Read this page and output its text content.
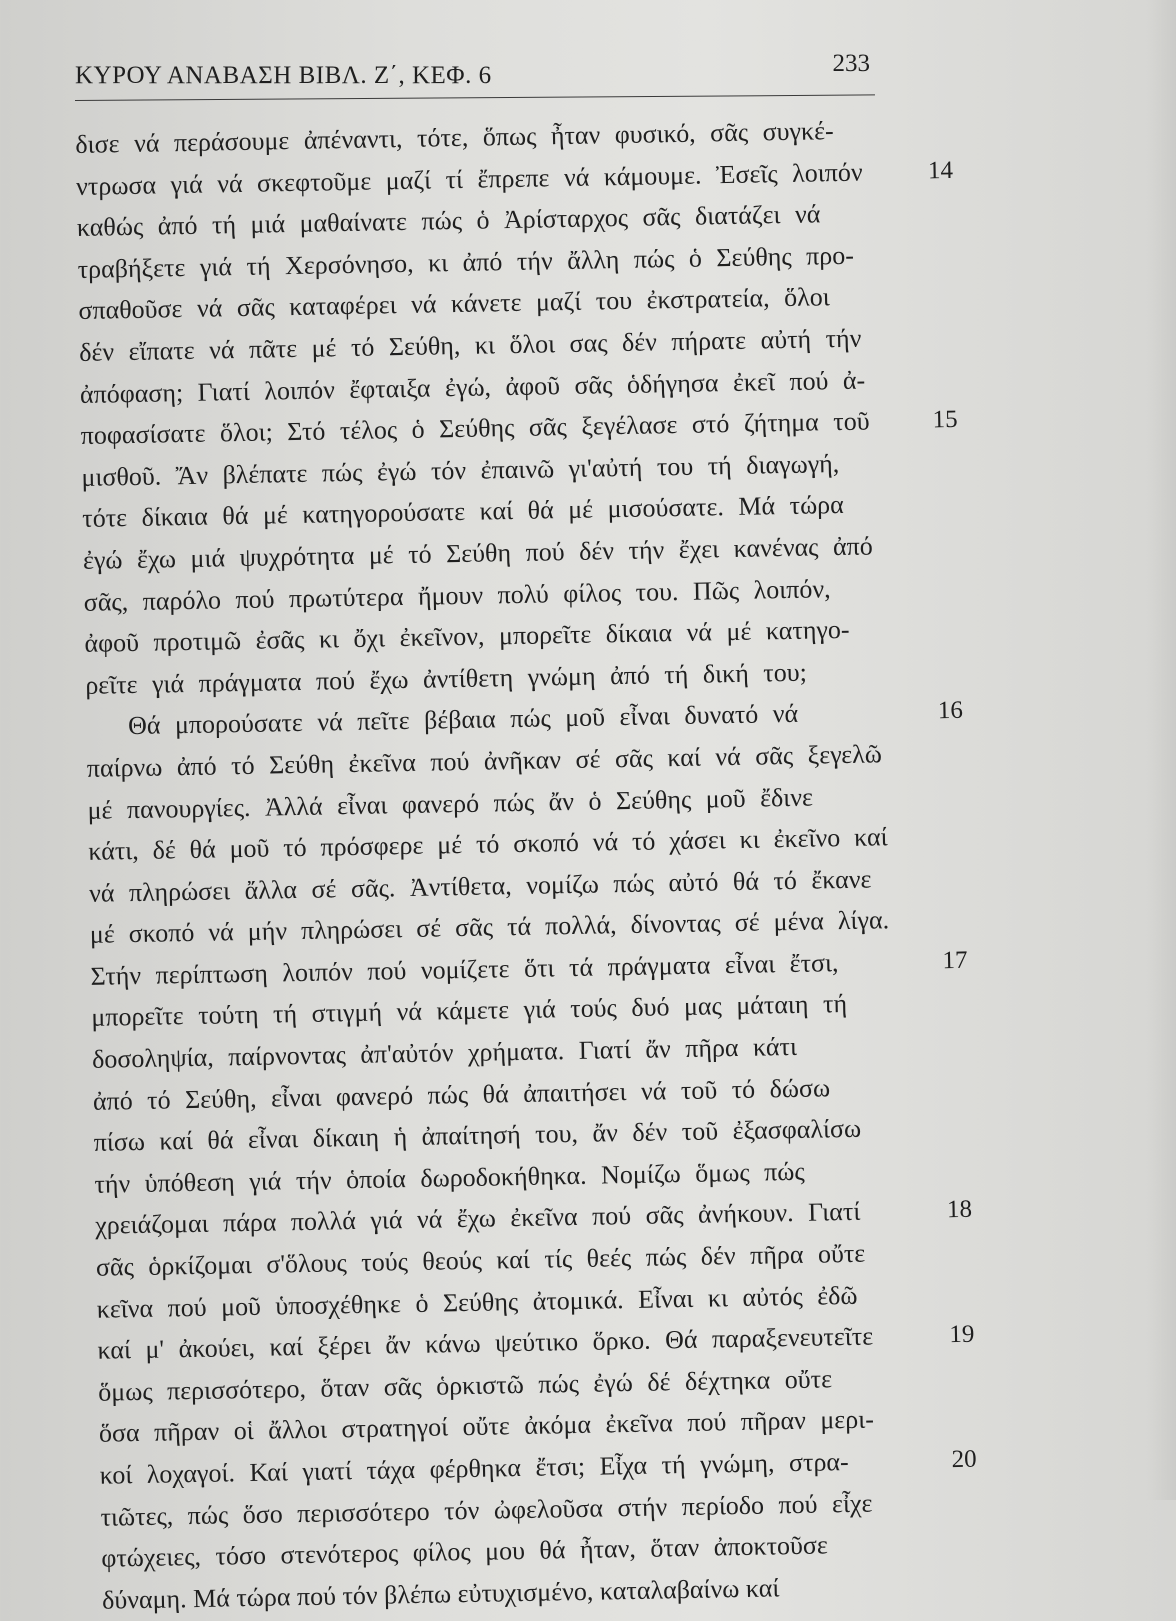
ΚΥΡΟΥ ΑΝΑΒΑΣΗ ΒΙΒΛ. Ζ΄, ΚΕΦ. 6	233
δισε νά περάσουμε ἀπέναντι, τότε, ὅπως ἦταν φυσικό, σᾶς συγκέ-
ντρωσα γιά νά σκεφτοῦμε μαζί τί ἔπρεπε νά κάμουμε. Ἐσεῖς λοιπόν	14
καθώς ἀπό τή μιά μαθαίνατε πώς ὁ Ἀρίσταρχος σᾶς διατάζει νά
τραβήξετε γιά τή Χερσόνησο, κι ἀπό τήν ἄλλη πώς ὁ Σεύθης προ-
σπαθοῦσε νά σᾶς καταφέρει νά κάνετε μαζί του ἐκστρατεία, ὅλοι
δέν εἴπατε νά πᾶτε μέ τό Σεύθη, κι ὅλοι σας δέν πήρατε αὐτή τήν
ἀπόφαση; Γιατί λοιπόν ἔφταιξα ἐγώ, ἀφοῦ σᾶς ὁδήγησα ἐκεῖ πού ἀ-
ποφασίσατε ὅλοι; Στό τέλος ὁ Σεύθης σᾶς ξεγέλασε στό ζήτημα τοῦ 15
μισθοῦ. Ἄν βλέπατε πώς ἐγώ τόν ἐπαινῶ γι'αὐτή του τή διαγωγή,
τότε δίκαια θά μέ κατηγορούσατε καί θά μέ μισούσατε. Μά τώρα
ἐγώ ἔχω μιά ψυχρότητα μέ τό Σεύθη πού δέν τήν ἔχει κανένας ἀπό
σᾶς, παρόλο πού πρωτύτερα ἤμουν πολύ φίλος του. Πῶς λοιπόν,
ἀφοῦ προτιμῶ ἐσᾶς κι ὄχι ἐκεῖνον, μπορεῖτε δίκαια νά μέ κατηγο-
ρεῖτε γιά πράγματα πού ἔχω ἀντίθετη γνώμη ἀπό τή δική του;
Θά μπορούσατε νά πεῖτε βέβαια πώς μοῦ εἶναι δυνατό νά	16
παίρνω ἀπό τό Σεύθη ἐκεῖνα πού ἀνῆκαν σέ σᾶς καί νά σᾶς ξεγελῶ
μέ πανουργίες. Ἀλλά εἶναι φανερό πώς ἄν ὁ Σεύθης μοῦ ἔδινε
κάτι, δέ θά μοῦ τό πρόσφερε μέ τό σκοπό νά τό χάσει κι ἐκεῖνο καί
νά πληρώσει ἄλλα σέ σᾶς. Ἀντίθετα, νομίζω πώς αὐτό θά τό ἔκανε
μέ σκοπό νά μήν πληρώσει σέ σᾶς τά πολλά, δίνοντας σέ μένα λίγα.
Στήν περίπτωση λοιπόν πού νομίζετε ὅτι τά πράγματα εἶναι ἔτσι,	17
μπορεῖτε τούτη τή στιγμή νά κάμετε γιά τούς δυό μας μάταιη τή
δοσοληψία, παίρνοντας ἀπ'αὐτόν χρήματα. Γιατί ἄν πῆρα κάτι
ἀπό τό Σεύθη, εἶναι φανερό πώς θά ἀπαιτήσει νά τοῦ τό δώσω
πίσω καί θά εἶναι δίκαιη ἡ ἀπαίτησή του, ἄν δέν τοῦ ἐξασφαλίσω
τήν ὑπόθεση γιά τήν ὁποία δωροδοκήθηκα. Νομίζω ὅμως πώς
χρειάζομαι πάρα πολλά γιά νά ἔχω ἐκεῖνα πού σᾶς ἀνήκουν. Γιατί	18
σᾶς ὁρκίζομαι σ'ὅλους τούς θεούς καί τίς θεές πώς δέν πῆρα οὔτε
κεῖνα πού μοῦ ὑποσχέθηκε ὁ Σεύθης ἀτομικά. Εἶναι κι αὐτός ἐδῶ
καί μ' ἀκούει, καί ξέρει ἄν κάνω ψεύτικο ὅρκο. Θά παραξενευτεῖτε	19
ὅμως περισσότερο, ὅταν σᾶς ὁρκιστῶ πώς ἐγώ δέ δέχτηκα οὔτε
ὅσα πῆραν οἱ ἄλλοι στρατηγοί οὔτε ἀκόμα ἐκεῖνα πού πῆραν μερι-
κοί λοχαγοί. Καί γιατί τάχα φέρθηκα ἔτσι; Εἶχα τή γνώμη, στρα-	20
τιῶτες, πώς ὅσο περισσότερο τόν ὠφελοῦσα στήν περίοδο πού εἶχε
φτώχειες, τόσο στενότερος φίλος μου θά ἦταν, ὅταν ἀποκτοῦσε
δύναμη. Μά τώρα πού τόν βλέπω εὐτυχισμένο, καταλαβαίνω καί
